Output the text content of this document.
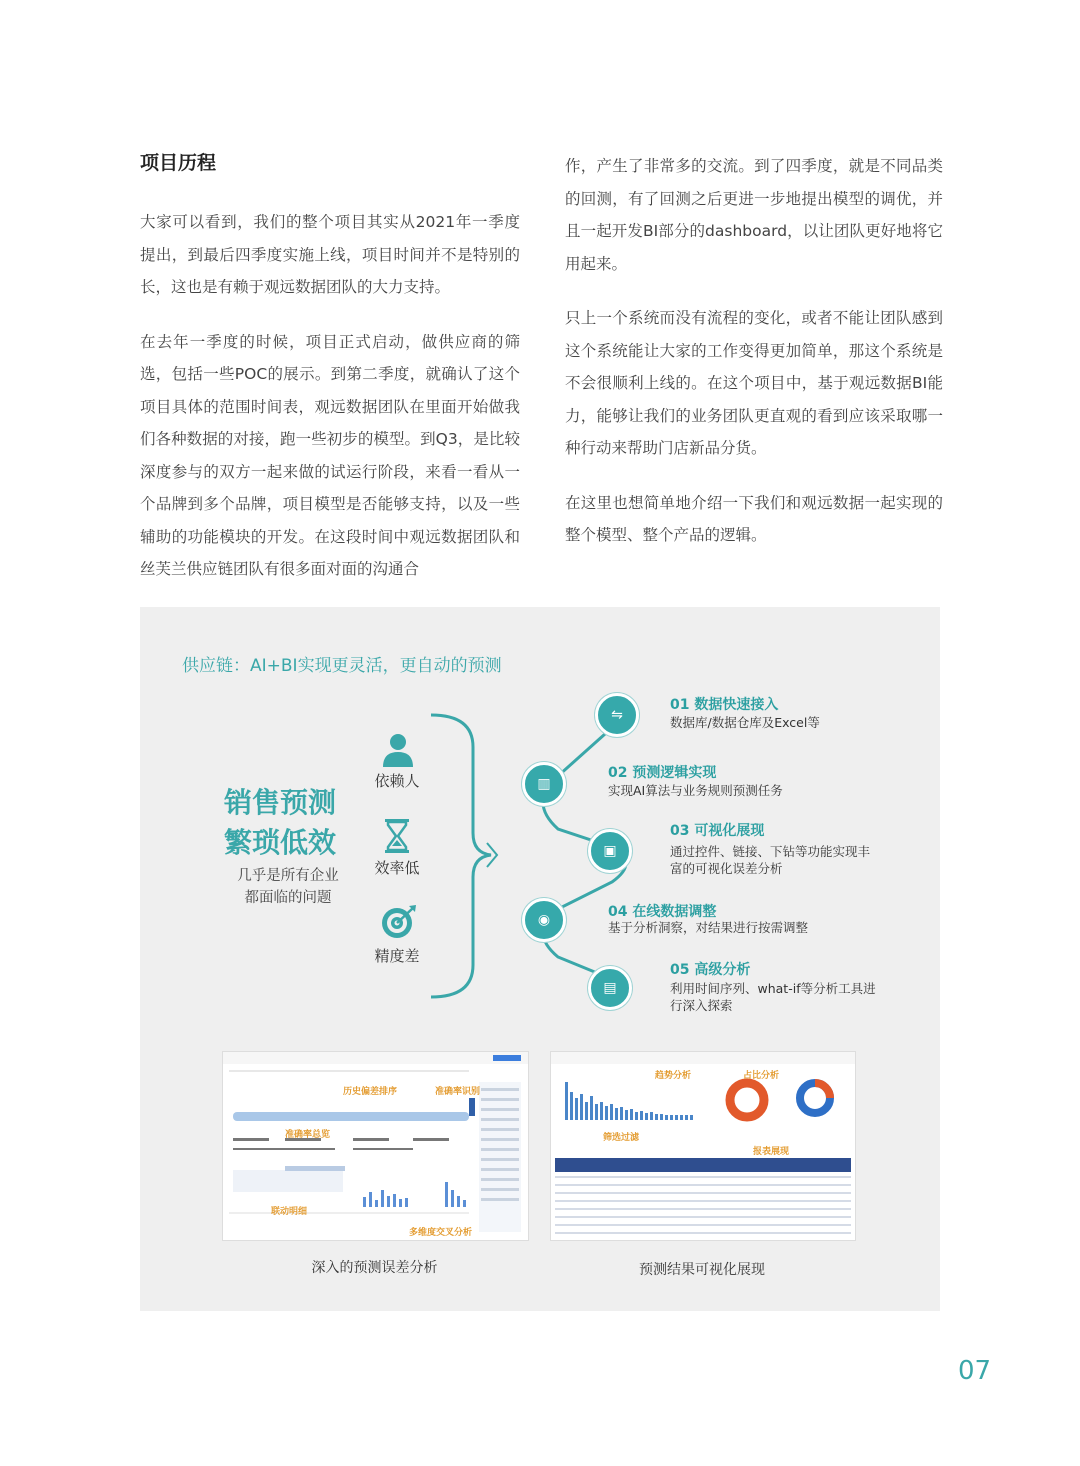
项目历程

大家可以看到，我们的整个项目其实从2021年一季度提出，到最后四季度实施上线，项目时间并不是特别的长，这也是有赖于观远数据团队的大力支持。

在去年一季度的时候，项目正式启动，做供应商的筛选，包括一些POC的展示。到第二季度，就确认了这个项目具体的范围时间表，观远数据团队在里面开始做我们各种数据的对接，跑一些初步的模型。到Q3，是比较深度参与的双方一起来做的试运行阶段，来看一看从一个品牌到多个品牌，项目模型是否能够支持，以及一些辅助的功能模块的开发。在这段时间中观远数据团队和丝芙兰供应链团队有很多面对面的沟通合

作，产生了非常多的交流。到了四季度，就是不同品类的回测，有了回测之后更进一步地提出模型的调优，并且一起开发BI部分的dashboard，以让团队更好地将它用起来。

只上一个系统而没有流程的变化，或者不能让团队感到这个系统能让大家的工作变得更加简单，那这个系统是不会很顺利上线的。在这个项目中，基于观远数据BI能力，能够让我们的业务团队更直观的看到应该采取哪一种行动来帮助门店新品分货。

在这里也想简单地介绍一下我们和观远数据一起实现的整个模型、整个产品的逻辑。

供应链：AI+BI实现更灵活，更自动的预测
销售预测
繁琐低效
几乎是所有企业
都面临的问题
依赖人
效率低
精度差
⇋
▥
▣
◉
▤
01 数据快速接入
数据库/数据仓库及Excel等
02 预测逻辑实现
实现AI算法与业务规则预测任务
03 可视化展现
通过控件、链接、下钻等功能实现丰
富的可视化误差分析
04 在线数据调整
基于分析洞察，对结果进行按需调整
05 高级分析
利用时间序列、what-if等分析工具进
行深入探索
历史偏差排序	准确率识别
准确率总览
联动明细
多维度交叉分析
趋势分析	占比分析
筛选过滤
报表展现
深入的预测误差分析	预测结果可视化展现
07
